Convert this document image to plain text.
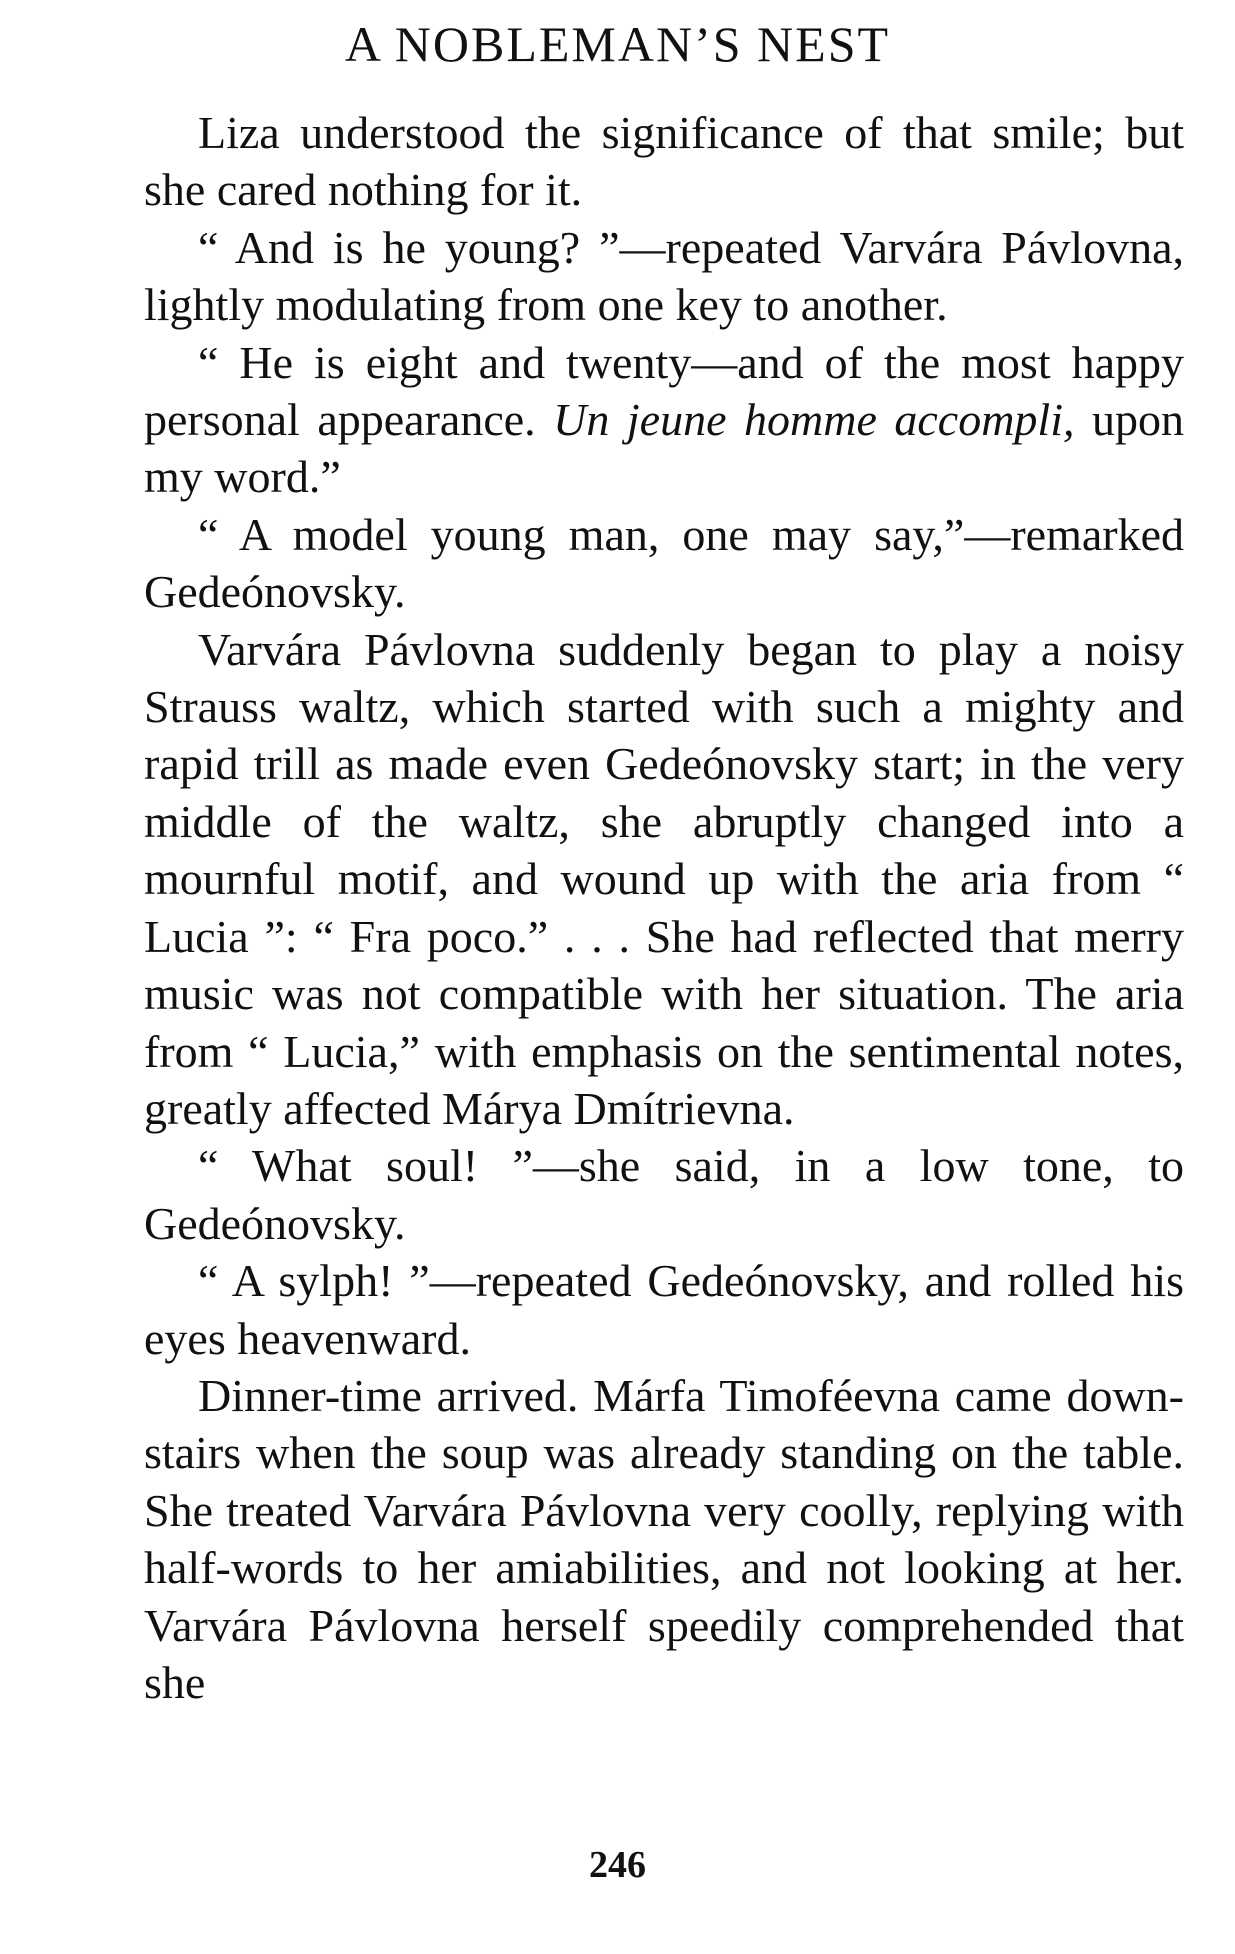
A NOBLEMAN’S NEST

Liza understood the significance of that smile; but she cared nothing for it.

“ And is he young? ”—repeated Varvára Pávlovna, lightly modulating from one key to another.

“ He is eight and twenty—and of the most happy personal appearance. Un jeune homme accompli, upon my word.”

“ A model young man, one may say,”—remarked Gedeónovsky.

Varvára Pávlovna suddenly began to play a noisy Strauss waltz, which started with such a mighty and rapid trill as made even Gedeónovsky start; in the very middle of the waltz, she abruptly changed into a mournful motif, and wound up with the aria from “ Lucia ”: “ Fra poco.” . . . She had reflected that merry music was not compatible with her situation. The aria from “ Lucia,” with emphasis on the sentimental notes, greatly affected Márya Dmítrievna.

“ What soul! ”—she said, in a low tone, to Gedeónovsky.

“ A sylph! ”—repeated Gedeónovsky, and rolled his eyes heavenward.

Dinner-time arrived. Márfa Timoféevna came down-stairs when the soup was already standing on the table. She treated Varvára Pávlovna very coolly, replying with half-words to her amiabilities, and not looking at her. Varvára Pávlovna herself speedily comprehended that she

246
